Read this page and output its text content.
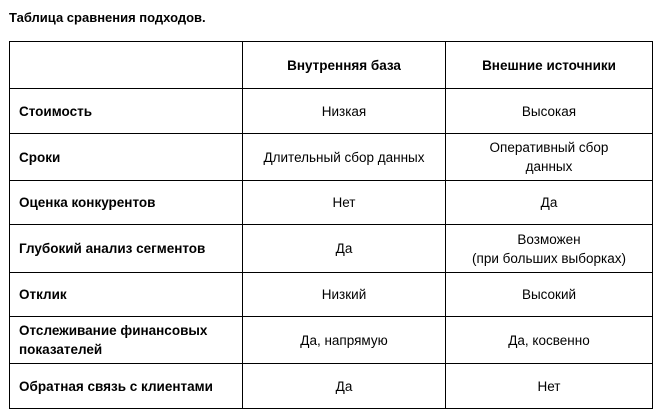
Таблица сравнения подходов.
	Внутренняя база	Внешние источники
Стоимость	Низкая	Высокая
Сроки	Длительный сбор данных	Оперативный сбор
данных
Оценка конкурентов	Нет	Да
Глубокий анализ сегментов	Да	Возможен
(при больших выборках)
Отклик	Низкий	Высокий
Отслеживание финансовых
показателей	Да, напрямую	Да, косвенно
Обратная связь с клиентами	Да	Нет
